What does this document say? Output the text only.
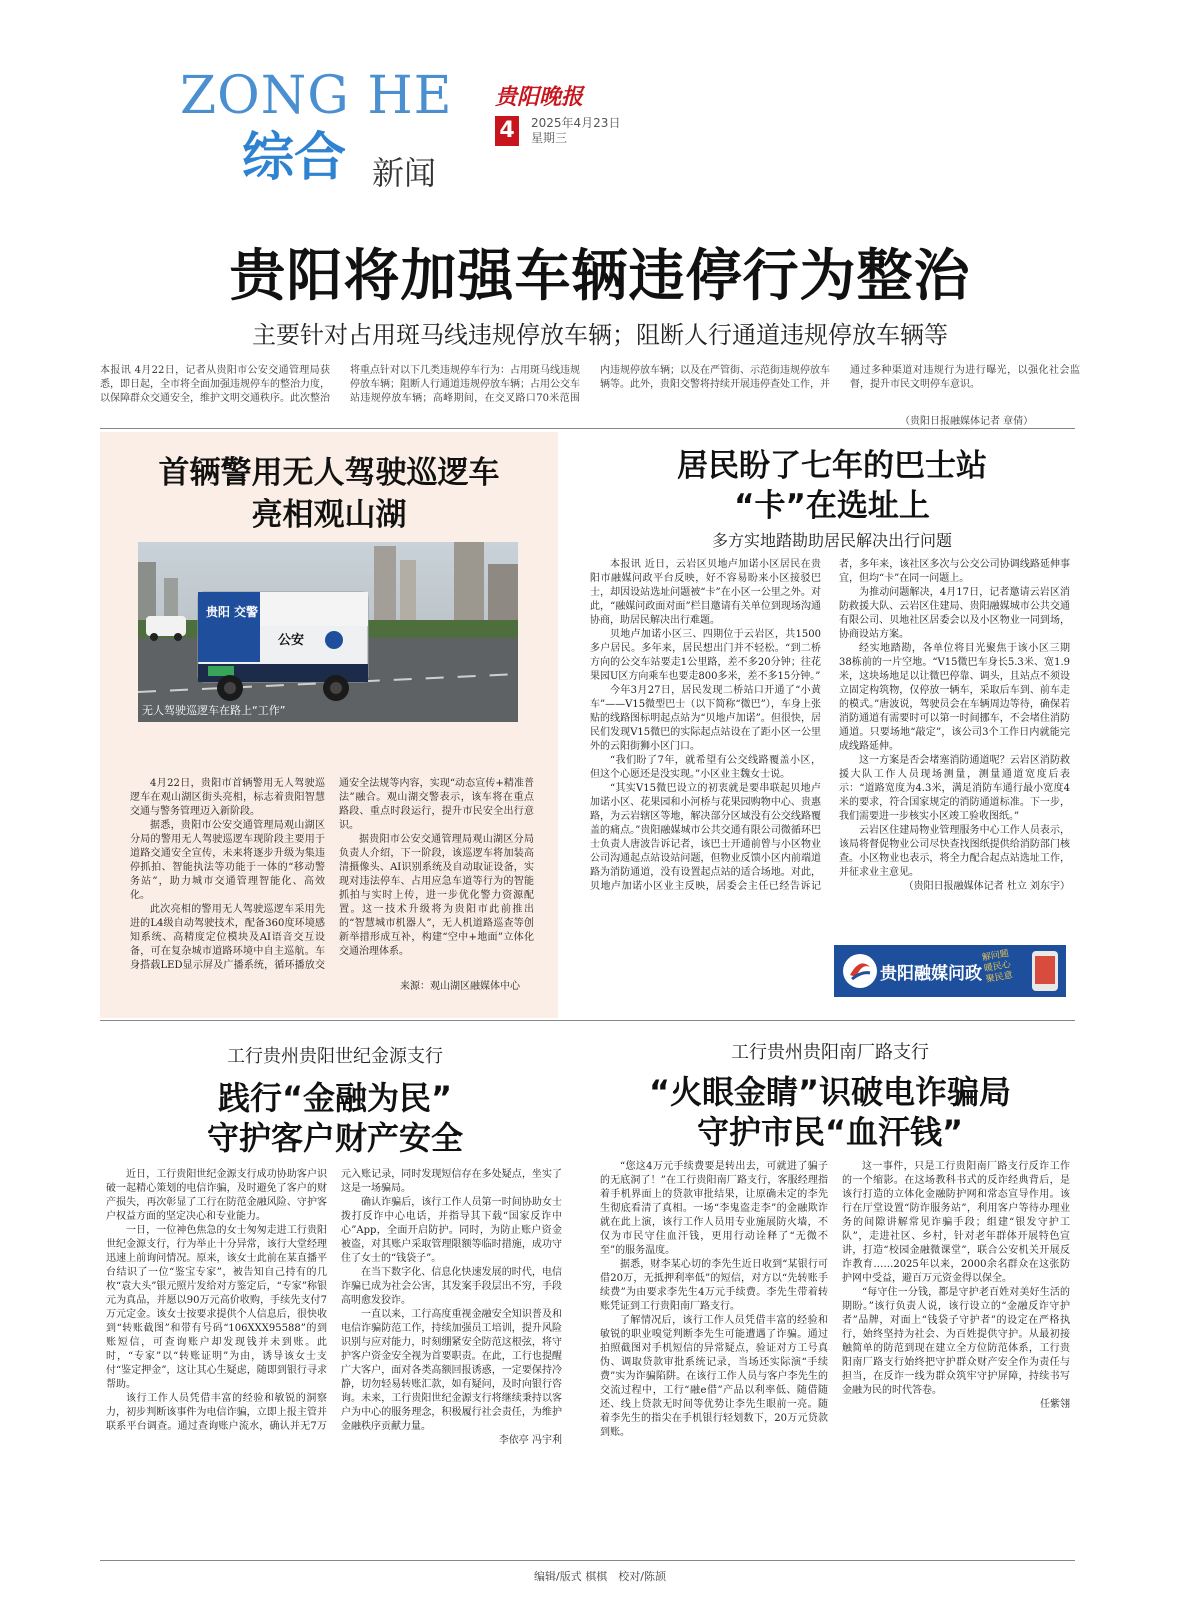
ZONG HE
综合 新闻
贵阳晚报
4	2025年4月23日
星期三
贵阳将加强车辆违停行为整治
主要针对占用斑马线违规停放车辆；阻断人行通道违规停放车辆等
本报讯 4月22日，记者从贵阳市公安交通管理局获悉，即日起，全市将全面加强违规停车的整治力度，以保障群众交通安全，维护文明交通秩序。此次整治将重点针对以下几类违规停车行为：占用斑马线违规停放车辆；阻断人行通道违规停放车辆；占用公交车站违规停放车辆；高峰期间，在交叉路口70米范围内违规停放车辆；以及在严管街、示范街违规停放车辆等。此外，贵阳交警将持续开展违停查处工作，并通过多种渠道对违规行为进行曝光，以强化社会监督，提升市民文明停车意识。
（贵阳日报融媒体记者 章倩）
首辆警用无人驾驶巡逻车
亮相观山湖
贵阳 交警
公安
无人驾驶巡逻车在路上“工作”

4月22日，贵阳市首辆警用无人驾驶巡逻车在观山湖区街头亮相，标志着贵阳智慧交通与警务管理迈入新阶段。

据悉，贵阳市公安交通管理局观山湖区分局的警用无人驾驶巡逻车现阶段主要用于道路交通安全宣传，未来将逐步升级为集违停抓拍、智能执法等功能于一体的“移动警务站”，助力城市交通管理智能化、高效化。

此次亮相的警用无人驾驶巡逻车采用先进的L4级自动驾驶技术，配备360度环境感知系统、高精度定位模块及AI语音交互设备，可在复杂城市道路环境中自主巡航。车身搭载LED显示屏及广播系统，循环播放交通安全法规等内容，实现“动态宣传+精准普法”融合。观山湖交警表示，该车将在重点路段、重点时段运行，提升市民安全出行意识。

据贵阳市公安交通管理局观山湖区分局负责人介绍，下一阶段，该巡逻车将加装高清摄像头、AI识别系统及自动取证设备，实现对违法停车、占用应急车道等行为的智能抓拍与实时上传，进一步优化警力资源配置。这一技术升级将为贵阳市此前推出的“智慧城市机器人”，无人机道路巡查等创新举措形成互补，构建“空中+地面”立体化交通治理体系。

来源：观山湖区融媒体中心
居民盼了七年的巴士站
“卡”在选址上
多方实地踏勘助居民解决出行问题

本报讯 近日，云岩区贝地卢加诺小区居民在贵阳市融媒问政平台反映，好不容易盼来小区接驳巴士，却因设站选址问题被“卡”在小区一公里之外。对此，“融媒问政面对面”栏目邀请有关单位到现场沟通协商，助居民解决出行难题。

贝地卢加诺小区三、四期位于云岩区，共1500多户居民。多年来，居民想出门并不轻松。“到二桥方向的公交车站要走1公里路，差不多20分钟；往花果园U区方向乘车也要走800多米，差不多15分钟。”

今年3月27日，居民发现二桥站口开通了“小黄车”——V15微型巴士（以下简称“微巴”），车身上张贴的线路图标明起点站为“贝地卢加诺”。但很快，居民们发现V15微巴的实际起点站设在了距小区一公里外的云阳街狮小区门口。

“我们盼了7年，就希望有公交线路覆盖小区，但这个心愿还是没实现。”小区业主魏女士说。

“其实V15微巴设立的初衷就是要串联起贝地卢加诺小区、花果园和小河桥与花果园购物中心、贵惠路，为云岩辖区等地，解决部分区域没有公交线路覆盖的痛点。”贵阳融媒城市公共交通有限公司微循环巴士负责人唐波告诉记者，该巴士开通前曾与小区物业公司沟通起点站设站问题，但物业反馈小区内前端道路为消防通道，没有设置起点站的适合场地。对此，贝地卢加诺小区业主反映，居委会主任已经告诉记者，多年来，该社区多次与公交公司协调线路延伸事宜，但均“卡”在同一问题上。

为推动问题解决，4月17日，记者邀请云岩区消防救援大队、云岩区住建局、贵阳融媒城市公共交通有限公司、贝地社区居委会以及小区物业一同到场，协商设站方案。

经实地踏勘，各单位将目光聚焦于该小区三期38栋前的一片空地。“V15微巴车身长5.3米、宽1.9米，这块场地足以让微巴停靠、调头，且站点不须设立固定构筑物，仅停放一辆车，采取后车到、前车走的模式。”唐波说，驾驶员会在车辆周边等待，确保若消防通道有需要时可以第一时间挪车，不会堵住消防通道。只要场地“敲定”，该公司3个工作日内就能完成线路延伸。

这一方案是否会堵塞消防通道呢？云岩区消防救援大队工作人员现场测量，测量通道宽度后表示：“道路宽度为4.3米，满足消防车通行最小宽度4米的要求，符合国家规定的消防通道标准。下一步，我们需要进一步核实小区竣工验收图纸。”

云岩区住建局物业管理服务中心工作人员表示，该局将督促物业公司尽快查找图纸提供给消防部门核查。小区物业也表示，将全力配合起点站选址工作，并征求业主意见。

（贵阳日报融媒体记者 杜立 刘东宇）
贵阳融媒问政
解问题
暖民心
聚民意
工行贵州贵阳世纪金源支行
践行“金融为民”
守护客户财产安全

近日，工行贵阳世纪金源支行成功协助客户识破一起精心策划的电信诈骗，及时避免了客户的财产损失，再次彰显了工行在防范金融风险、守护客户权益方面的坚定决心和专业能力。

一日，一位神色焦急的女士匆匆走进工行贵阳世纪金源支行，行为举止十分异常，该行大堂经理迅速上前询问情况。原来，该女士此前在某直播平台结识了一位“鉴宝专家”，被告知自己持有的几枚“袁大头”银元照片发给对方鉴定后，“专家”称银元为真品，并愿以90万元高价收购，手续先支付7万元定金。该女士按要求提供个人信息后，很快收到“转账截图”和带有号码“106XXX95588”的到账短信，可查询账户却发现钱并未到账。此时，“专家”以“转账证明”为由，诱导该女士支付“鉴定押金”，这让其心生疑虑，随即到银行寻求帮助。

该行工作人员凭借丰富的经验和敏锐的洞察力，初步判断该事件为电信诈骗，立即上报主管并联系平台调查。通过查询账户流水，确认并无7万元入账记录，同时发现短信存在多处疑点，坐实了这是一场骗局。

确认诈骗后，该行工作人员第一时间协助女士拨打反诈中心电话，并指导其下载“国家反诈中心”App，全面开启防护。同时，为防止账户资金被盗，对其账户采取管理限额等临时措施，成功守住了女士的“钱袋子”。

在当下数字化、信息化快速发展的时代，电信诈骗已成为社会公害，其发案手段层出不穷，手段高明愈发狡诈。

一直以来，工行高度重视金融安全知识普及和电信诈骗防范工作，持续加强员工培训，提升风险识别与应对能力，时刻绷紧安全防范这根弦，将守护客户资金安全视为首要职责。在此，工行也提醒广大客户，面对各类高额回报诱惑，一定要保持冷静，切勿轻易转账汇款，如有疑问，及时向银行咨询。未来，工行贵阳世纪金源支行将继续秉持以客户为中心的服务理念，积极履行社会责任，为维护金融秩序贡献力量。

李依亭 冯宇利
工行贵州贵阳南厂路支行
“火眼金睛”识破电诈骗局
守护市民“血汗钱”

“您这4万元手续费要是转出去，可就进了骗子的无底洞了！”在工行贵阳南厂路支行，客服经理指着手机界面上的贷款审批结果，让原确未定的李先生彻底看清了真相。一场“李鬼盗走李”的金融欺诈就在此上演，该行工作人员用专业施展防火墙，不仅为市民守住血汗钱，更用行动诠释了“无微不至”的服务温度。

据悉，财李某心切的李先生近日收到“某银行可借20万，无抵押利率低”的短信，对方以“先转账手续费”为由要求李先生4万元手续费。李先生带着转账凭证到工行贵阳南厂路支行。

了解情况后，该行工作人员凭借丰富的经验和敏锐的职业嗅觉判断李先生可能遭遇了诈骗。通过拍照截图对手机短信的异常疑点，验证对方工号真伪、调取贷款审批系统记录，当场还实际演“手续费”实为诈骗陷阱。在该行工作人员与客户李先生的交流过程中，工行“融e借”产品以利率低、随借随还、线上贷款无时间等优势让李先生眼前一亮。随着李先生的指尖在手机银行轻划数下，20万元贷款到账。

这一事件，只是工行贵阳南厂路支行反诈工作的一个缩影。在这场教科书式的反诈经典背后，是该行打造的立体化金融防护网和常态宣导作用。该行在厅堂设置“防诈服务站”，利用客户等待办理业务的间隙讲解常见诈骗手段；组建“银发守护工队”，走进社区、乡村，针对老年群体开展特色宣讲，打造“校园金融微课堂”，联合公安机关开展反诈教育……2025年以来，2000余名群众在这张防护网中受益，避百万元资金得以保全。

“每守住一分钱，都是守护老百姓对美好生活的期盼。”该行负责人说，该行设立的“金融反诈守护者”品牌，对面上“钱袋子守护者”的设定在严格执行，始终坚持为社会、为百姓提供守护。从最初接触简单的防范到现在建立全方位防范体系，工行贵阳南厂路支行始终把守护群众财产安全作为责任与担当，在反诈一线为群众筑牢守护屏障，持续书写金融为民的时代答卷。

任紫翎
编辑/版式 棋棋　校对/陈颉
